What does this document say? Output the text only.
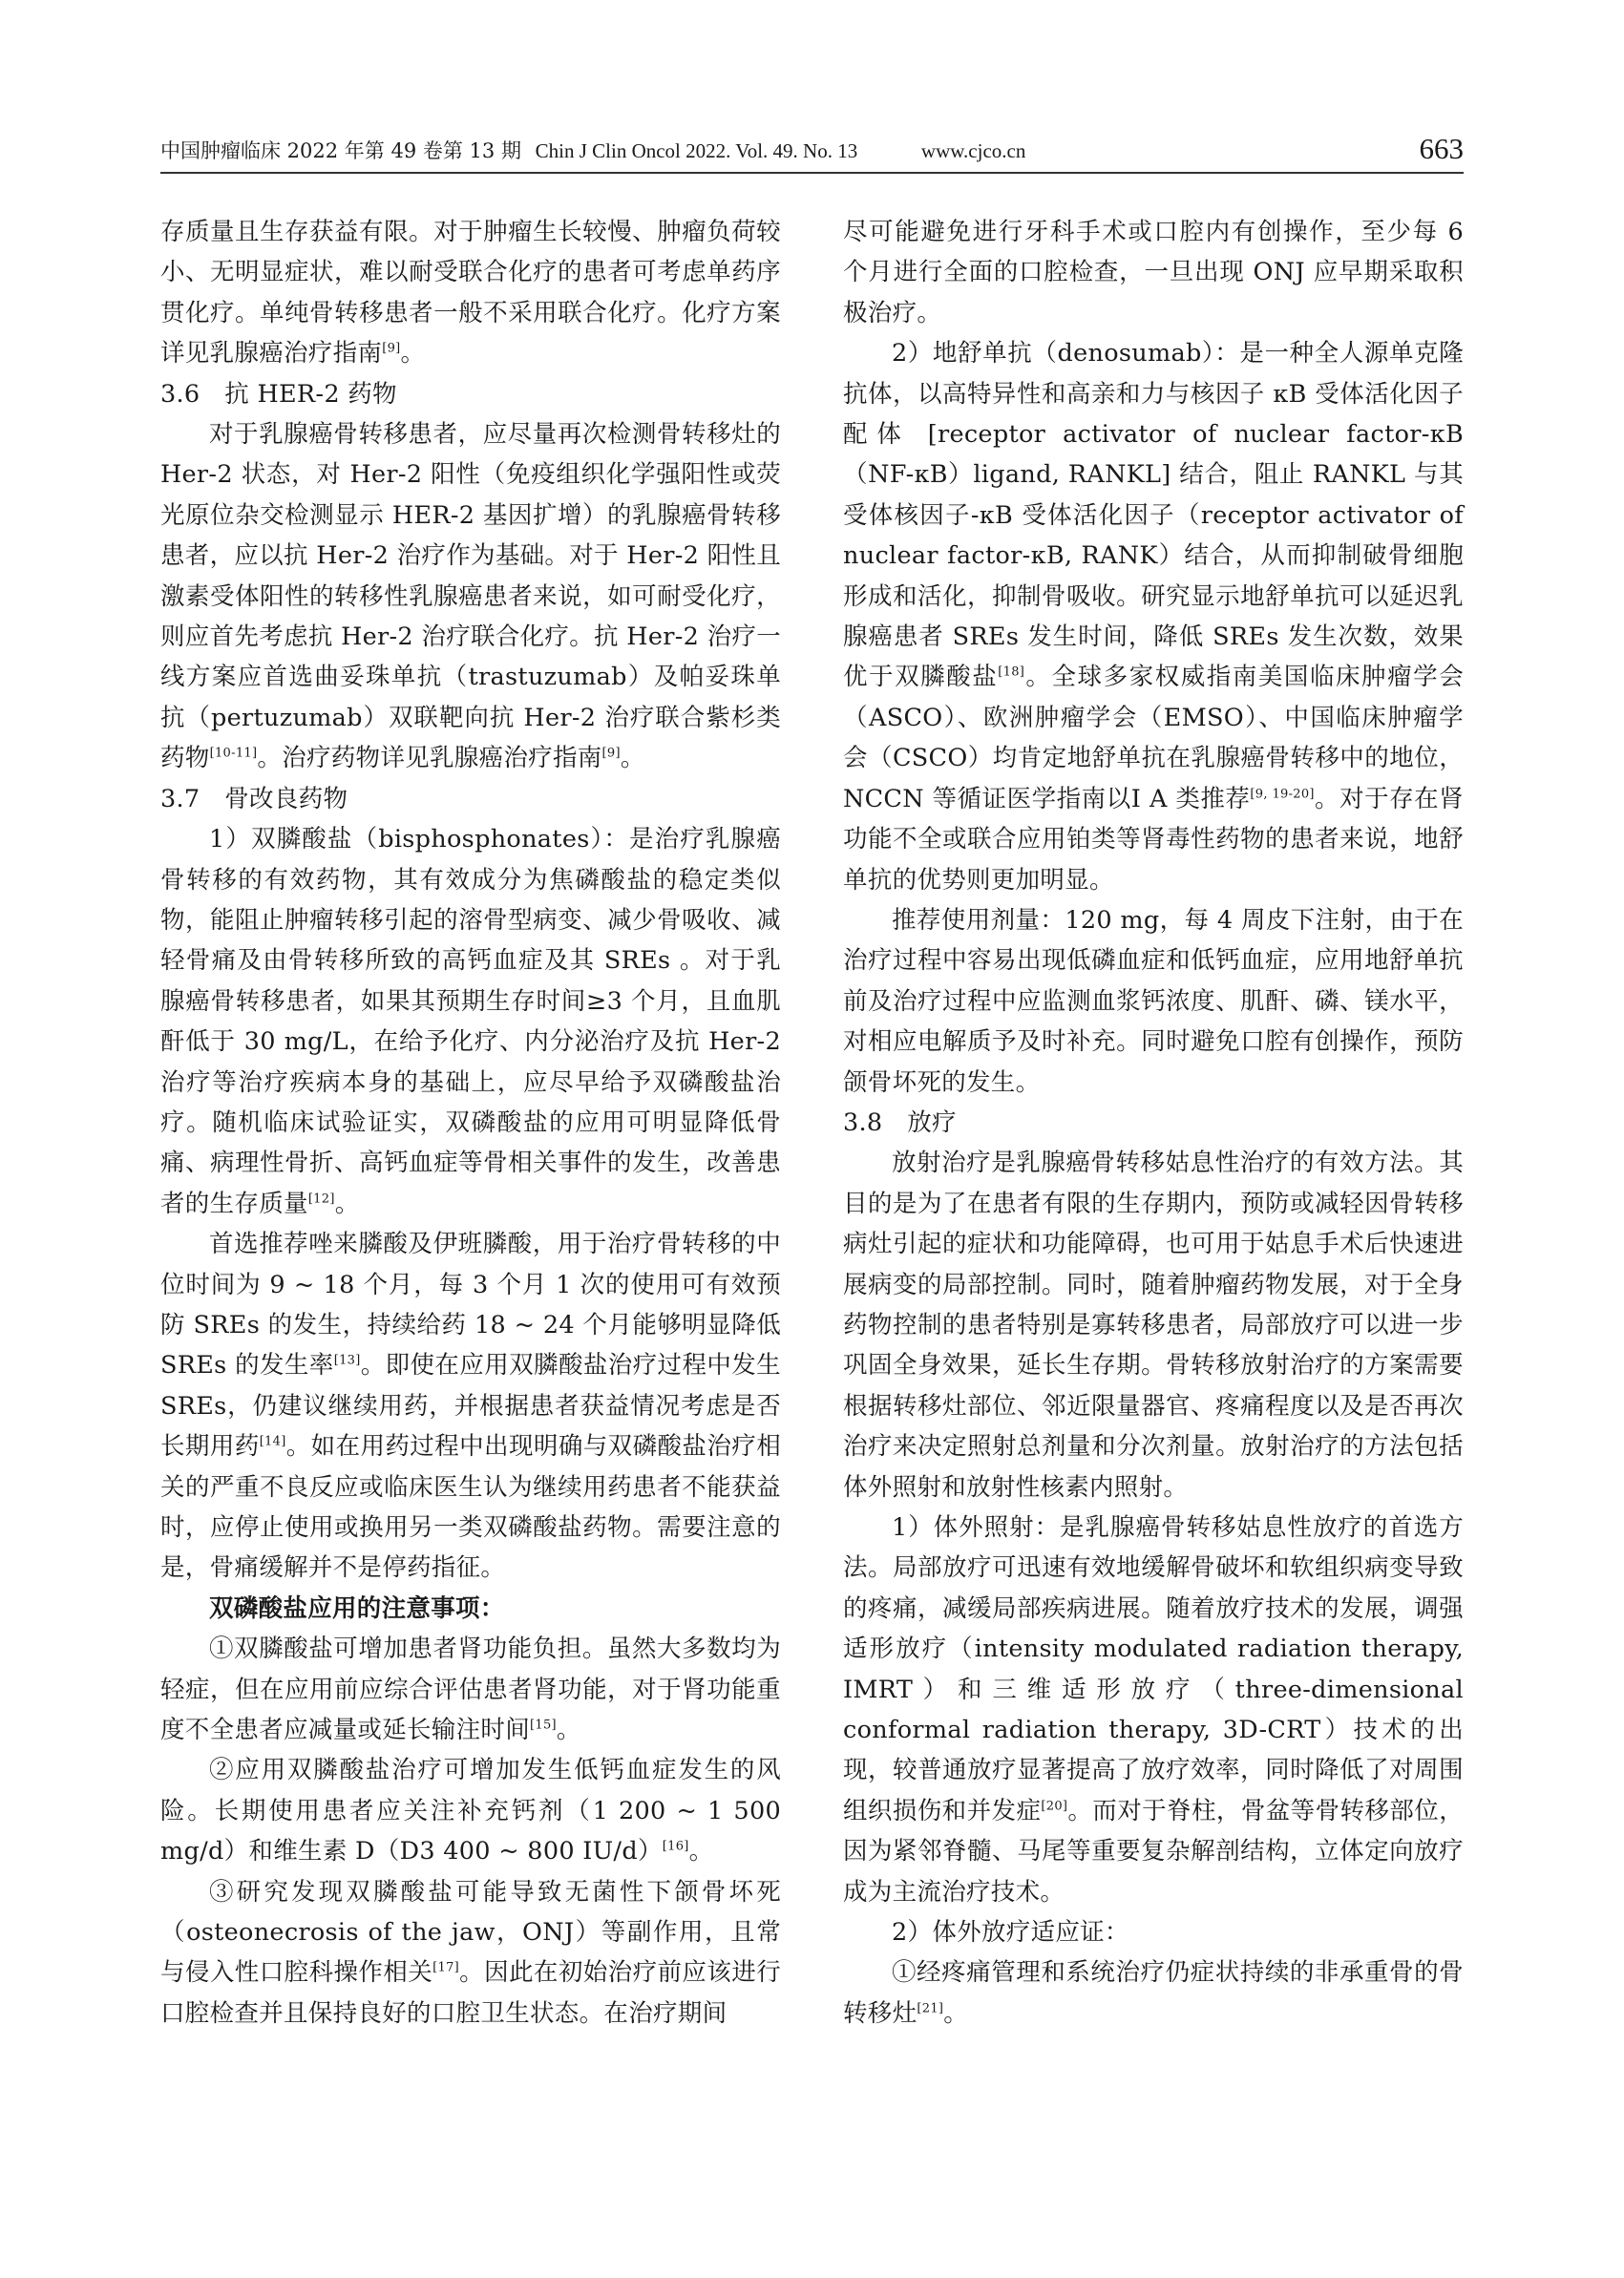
中国肿瘤临床 2022 年第 49 卷第 13 期 Chin J Clin Oncol 2022. Vol. 49. No. 13	www.cjco.cn	663

存质量且生存获益有限。对于肿瘤生长较慢、肿瘤负荷较小、无明显症状，难以耐受联合化疗的患者可考虑单药序贯化疗。单纯骨转移患者一般不采用联合化疗。化疗方案详见乳腺癌治疗指南[9]。

3.6　抗 HER-2 药物

对于乳腺癌骨转移患者，应尽量再次检测骨转移灶的 Her-2 状态，对 Her-2 阳性（免疫组织化学强阳性或荧光原位杂交检测显示 HER-2 基因扩增）的乳腺癌骨转移患者，应以抗 Her-2 治疗作为基础。对于 Her-2 阳性且激素受体阳性的转移性乳腺癌患者来说，如可耐受化疗，则应首先考虑抗 Her-2 治疗联合化疗。抗 Her-2 治疗一线方案应首选曲妥珠单抗（trastuzumab）及帕妥珠单抗（pertuzumab）双联靶向抗 Her-2 治疗联合紫杉类药物[10-11]。治疗药物详见乳腺癌治疗指南[9]。

3.7　骨改良药物

1）双膦酸盐（bisphosphonates）：是治疗乳腺癌骨转移的有效药物，其有效成分为焦磷酸盐的稳定类似物，能阻止肿瘤转移引起的溶骨型病变、减少骨吸收、减轻骨痛及由骨转移所致的高钙血症及其 SREs 。对于乳腺癌骨转移患者，如果其预期生存时间≥3 个月，且血肌酐低于 30 mg/L，在给予化疗、内分泌治疗及抗 Her-2 治疗等治疗疾病本身的基础上，应尽早给予双磷酸盐治疗。随机临床试验证实，双磷酸盐的应用可明显降低骨痛、病理性骨折、高钙血症等骨相关事件的发生，改善患者的生存质量[12]。

首选推荐唑来膦酸及伊班膦酸，用于治疗骨转移的中位时间为 9 ~ 18 个月，每 3 个月 1 次的使用可有效预防 SREs 的发生，持续给药 18 ~ 24 个月能够明显降低 SREs 的发生率[13]。即使在应用双膦酸盐治疗过程中发生 SREs，仍建议继续用药，并根据患者获益情况考虑是否长期用药[14]。如在用药过程中出现明确与双磷酸盐治疗相关的严重不良反应或临床医生认为继续用药患者不能获益时，应停止使用或换用另一类双磷酸盐药物。需要注意的是，骨痛缓解并不是停药指征。

双磷酸盐应用的注意事项：

①双膦酸盐可增加患者肾功能负担。虽然大多数均为轻症，但在应用前应综合评估患者肾功能，对于肾功能重度不全患者应减量或延长输注时间[15]。

②应用双膦酸盐治疗可增加发生低钙血症发生的风险。长期使用患者应关注补充钙剂（1 200 ~ 1 500 mg/d）和维生素 D（D3 400 ~ 800 IU/d）[16]。

③研究发现双膦酸盐可能导致无菌性下颌骨坏死（osteonecrosis of the jaw，ONJ）等副作用，且常与侵入性口腔科操作相关[17]。因此在初始治疗前应该进行口腔检查并且保持良好的口腔卫生状态。在治疗期间

尽可能避免进行牙科手术或口腔内有创操作，至少每 6 个月进行全面的口腔检查，一旦出现 ONJ 应早期采取积极治疗。

2）地舒单抗（denosumab）：是一种全人源单克隆抗体，以高特异性和高亲和力与核因子 κB 受体活化因子配体 [receptor activator of nuclear factor-κB（NF-κB）ligand, RANKL] 结合，阻止 RANKL 与其受体核因子-κB 受体活化因子（receptor activator of nuclear factor-κB, RANK）结合，从而抑制破骨细胞形成和活化，抑制骨吸收。研究显示地舒单抗可以延迟乳腺癌患者 SREs 发生时间，降低 SREs 发生次数，效果优于双膦酸盐[18]。全球多家权威指南美国临床肿瘤学会（ASCO）、欧洲肿瘤学会（EMSO）、中国临床肿瘤学会（CSCO）均肯定地舒单抗在乳腺癌骨转移中的地位，NCCN 等循证医学指南以Ⅰ A 类推荐[9, 19-20]。对于存在肾功能不全或联合应用铂类等肾毒性药物的患者来说，地舒单抗的优势则更加明显。

推荐使用剂量：120 mg，每 4 周皮下注射，由于在治疗过程中容易出现低磷血症和低钙血症，应用地舒单抗前及治疗过程中应监测血浆钙浓度、肌酐、磷、镁水平，对相应电解质予及时补充。同时避免口腔有创操作，预防颌骨坏死的发生。

3.8　放疗

放射治疗是乳腺癌骨转移姑息性治疗的有效方法。其目的是为了在患者有限的生存期内，预防或减轻因骨转移病灶引起的症状和功能障碍，也可用于姑息手术后快速进展病变的局部控制。同时，随着肿瘤药物发展，对于全身药物控制的患者特别是寡转移患者，局部放疗可以进一步巩固全身效果，延长生存期。骨转移放射治疗的方案需要根据转移灶部位、邻近限量器官、疼痛程度以及是否再次治疗来决定照射总剂量和分次剂量。放射治疗的方法包括体外照射和放射性核素内照射。

1）体外照射：是乳腺癌骨转移姑息性放疗的首选方法。局部放疗可迅速有效地缓解骨破坏和软组织病变导致的疼痛，减缓局部疾病进展。随着放疗技术的发展，调强适形放疗（intensity modulated radiation therapy, IMRT）和三维适形放疗（three-dimensional conformal radiation therapy, 3D-CRT）技术的出现，较普通放疗显著提高了放疗效率，同时降低了对周围组织损伤和并发症[20]。而对于脊柱，骨盆等骨转移部位，因为紧邻脊髓、马尾等重要复杂解剖结构，立体定向放疗成为主流治疗技术。

2）体外放疗适应证：

①经疼痛管理和系统治疗仍症状持续的非承重骨的骨转移灶[21]。
